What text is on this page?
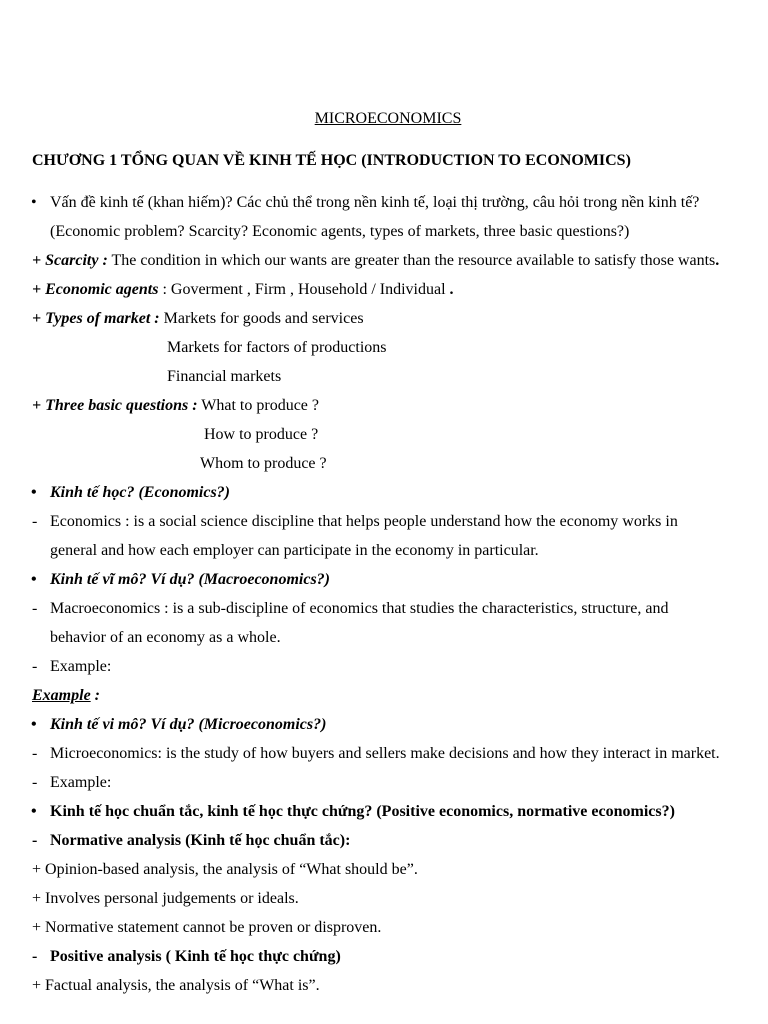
MICROECONOMICS
CHƯƠNG 1 TỔNG QUAN VỀ KINH TẾ HỌC (INTRODUCTION TO ECONOMICS)
• Vấn đề kinh tế (khan hiếm)? Các chủ thể trong nền kinh tế, loại thị trường, câu hỏi trong nền kinh tế?
(Economic problem? Scarcity? Economic agents, types of markets, three basic questions?)
+ Scarcity : The condition in which our wants are greater than the resource available to satisfy those wants.
+ Economic agents : Goverment , Firm , Household / Individual .
+ Types of market : Markets for goods and services
Markets for factors of productions
Financial markets
+ Three basic questions : What to produce ?
How to produce ?
Whom to produce ?
• Kinh tế học? (Economics?)
- Economics : is a social science discipline that helps people understand how the economy works in
general and how each employer can participate in the economy in particular.
• Kinh tế vĩ mô? Ví dụ? (Macroeconomics?)
- Macroeconomics : is a sub-discipline of economics that studies the characteristics, structure, and
behavior of an economy as a whole.
- Example:
Example :
• Kinh tế vi mô? Ví dụ? (Microeconomics?)
- Microeconomics: is the study of how buyers and sellers make decisions and how they interact in market.
- Example:
• Kinh tế học chuẩn tắc, kinh tế học thực chứng? (Positive economics, normative economics?)
- Normative analysis (Kinh tế học chuẩn tắc):
+ Opinion-based analysis, the analysis of “What should be”.
+ Involves personal judgements or ideals.
+ Normative statement cannot be proven or disproven.
- Positive analysis ( Kinh tế học thực chứng)
+ Factual analysis, the analysis of “What is”.
